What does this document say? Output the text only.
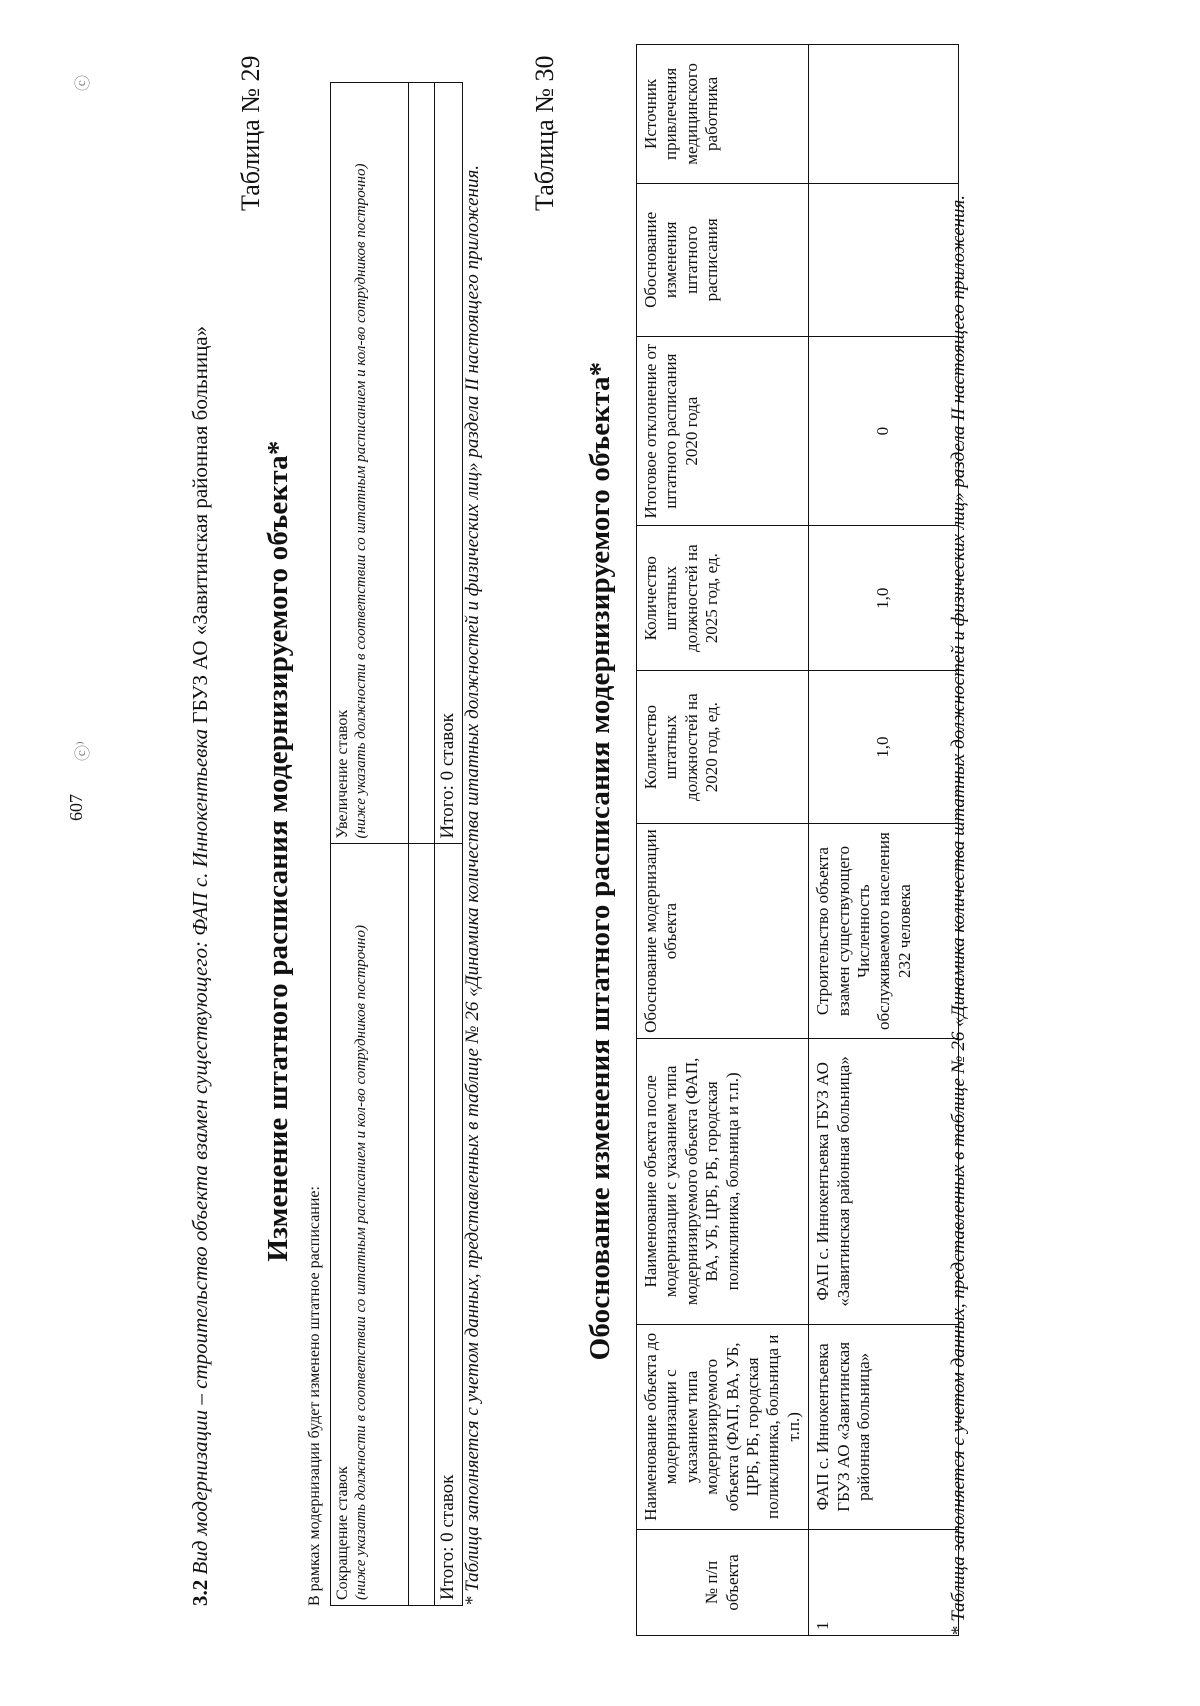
ⓒ
ⓒ⁾
607
3.2 Вид модернизации – строительство объекта взамен существующего: ФАП с. Иннокентьевка ГБУЗ АО «Завитинская районная больница»
Таблица № 29
Изменение штатного расписания модернизируемого объекта*
В рамках модернизации будет изменено штатное расписание: Сокращение ставок (ниже указать должности в соответствии со штатным расписанием и кол-во сотрудников построчно)	Увеличение ставок (ниже указать должности в соответствии со штатным расписанием и кол-во сотрудников построчно)

Итого: 0 ставок	Итого: 0 ставок * Таблица заполняется с учетом данных, представленных в таблице № 26 «Динамика количества штатных должностей и физических лиц» раздела II настоящего приложения.
Таблица № 30
Обоснование изменения штатного расписания модернизируемого объекта*
№ п/п объекта	Наименование объекта до модернизации с указанием типа модернизируемого объекта (ФАП, ВА, УБ, ЦРБ, РБ, городская поликлиника, больница и т.п.)	Наименование объекта после модернизации с указанием типа модернизируемого объекта (ФАП, ВА, УБ, ЦРБ, РБ, городская поликлиника, больница и т.п.)	Обоснование модернизации объекта	Количество штатных должностей на 2020 год, ед.	Количество штатных должностей на 2025 год, ед.	Итоговое отклонение от штатного расписания 2020 года	Обоснование изменения штатного расписания	Источник привлечения медицинского работника
1	ФАП с. Иннокентьевка ГБУЗ АО «Завитинская районная больница»	ФАП с. Иннокентьевка ГБУЗ АО «Завитинская районная больница»	Строительство объекта взамен существующего Численность обслуживаемого населения 232 человека	1,0	1,0	0			* Таблица заполняется с учетом данных, представленных в таблице № 26 «Динамика количества штатных должностей и физических лиц» раздела II настоящего приложения.
